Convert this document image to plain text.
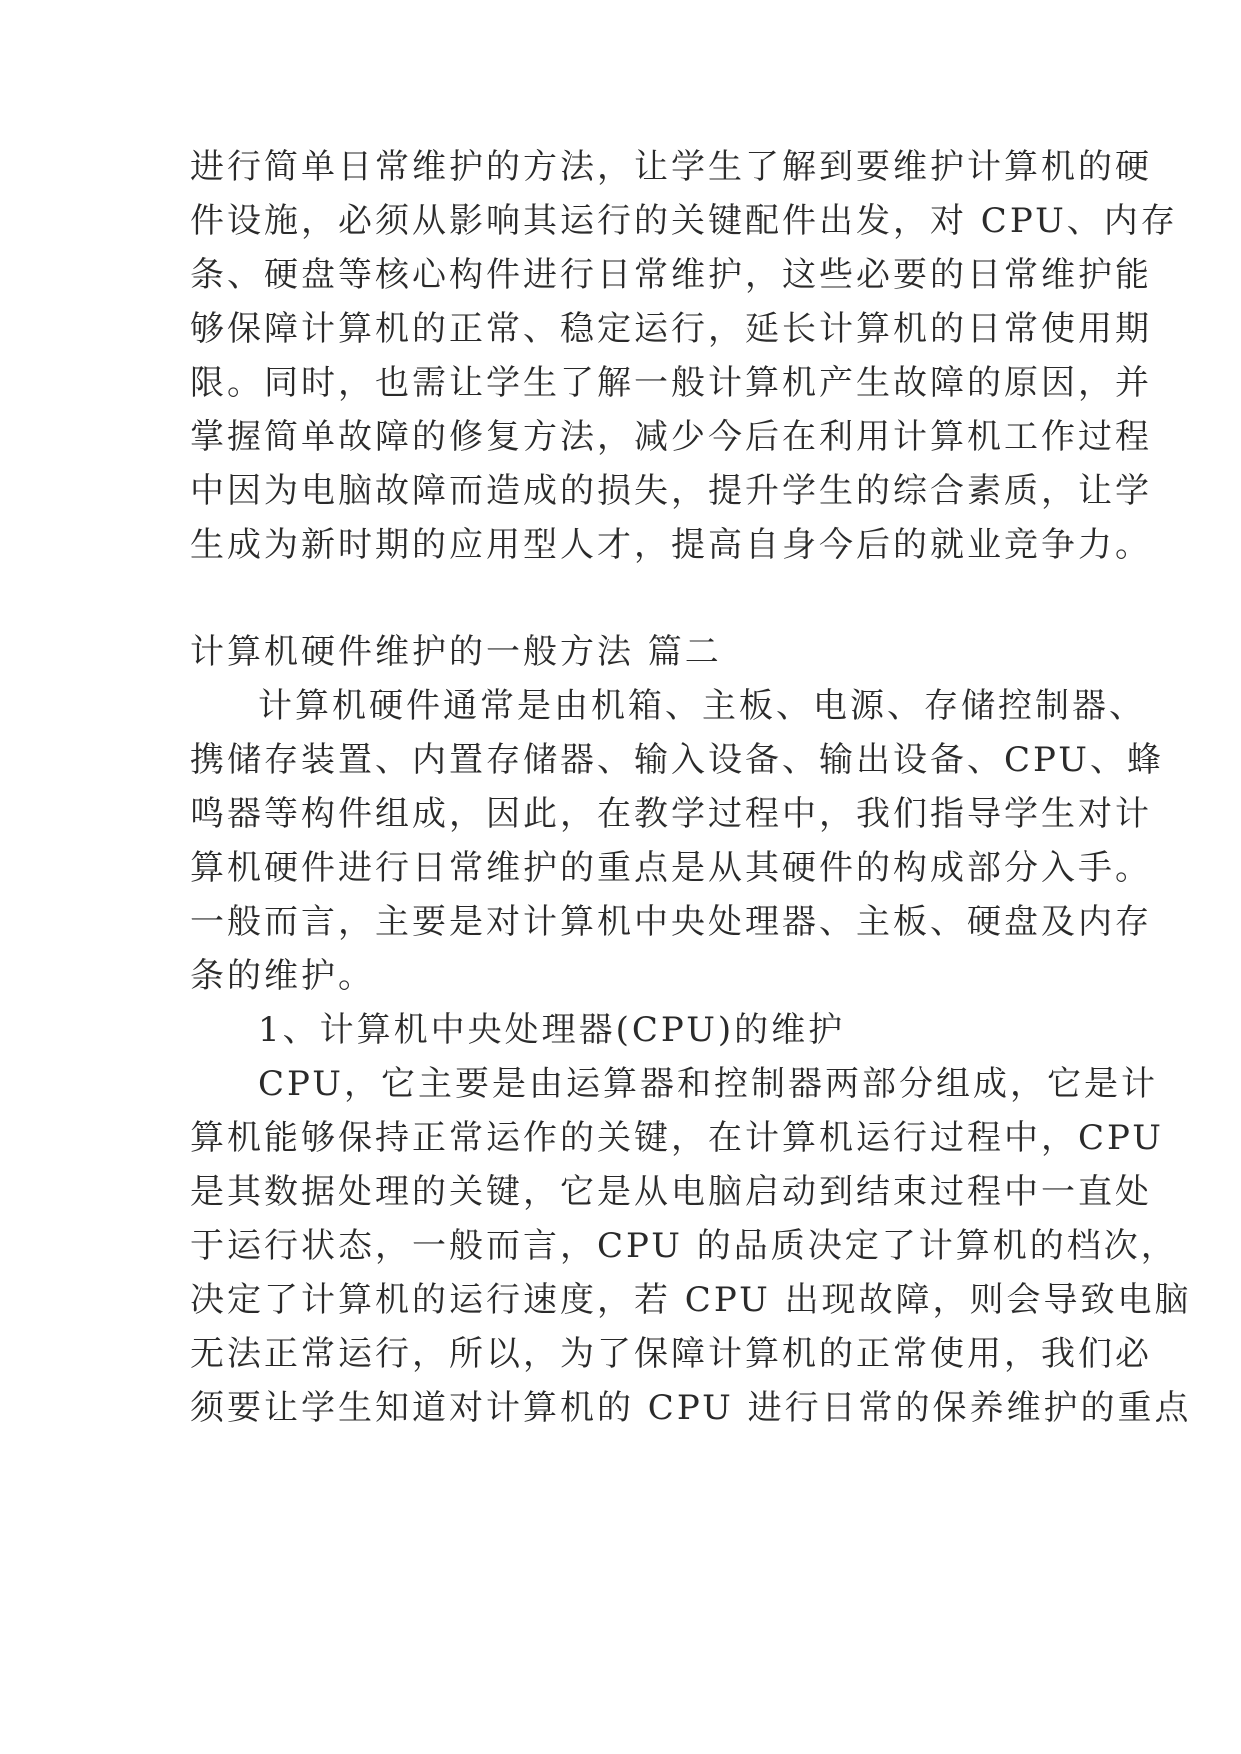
进行简单日常维护的方法，让学生了解到要维护计算机的硬
件设施，必须从影响其运行的关键配件出发，对 CPU、内存
条、硬盘等核心构件进行日常维护，这些必要的日常维护能
够保障计算机的正常、稳定运行，延长计算机的日常使用期
限。同时，也需让学生了解一般计算机产生故障的原因，并
掌握简单故障的修复方法，减少今后在利用计算机工作过程
中因为电脑故障而造成的损失，提升学生的综合素质，让学
生成为新时期的应用型人才，提高自身今后的就业竞争力。
计算机硬件维护的一般方法 篇二
计算机硬件通常是由机箱、主板、电源、存储控制器、
携储存装置、内置存储器、输入设备、输出设备、CPU、蜂
鸣器等构件组成，因此，在教学过程中，我们指导学生对计
算机硬件进行日常维护的重点是从其硬件的构成部分入手。
一般而言，主要是对计算机中央处理器、主板、硬盘及内存
条的维护。
1、计算机中央处理器(CPU)的维护
CPU，它主要是由运算器和控制器两部分组成，它是计
算机能够保持正常运作的关键，在计算机运行过程中，CPU
是其数据处理的关键，它是从电脑启动到结束过程中一直处
于运行状态，一般而言，CPU 的品质决定了计算机的档次，
决定了计算机的运行速度，若 CPU 出现故障，则会导致电脑
无法正常运行，所以，为了保障计算机的正常使用，我们必
须要让学生知道对计算机的 CPU 进行日常的保养维护的重点
